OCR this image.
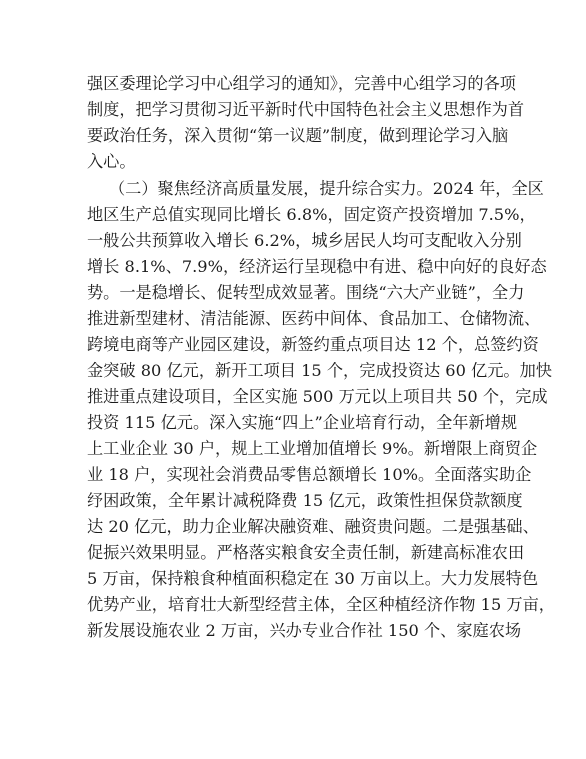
强区委理论学习中心组学习的通知》，完善中心组学习的各项
制度，把学习贯彻习近平新时代中国特色社会主义思想作为首
要政治任务，深入贯彻“第一议题”制度，做到理论学习入脑
入心。
（二）聚焦经济高质量发展，提升综合实力。2024 年，全区
地区生产总值实现同比增长 6.8%，固定资产投资增加 7.5%，
一般公共预算收入增长 6.2%，城乡居民人均可支配收入分别
增长 8.1%、7.9%，经济运行呈现稳中有进、稳中向好的良好态
势。一是稳增长、促转型成效显著。围绕“六大产业链”，全力
推进新型建材、清洁能源、医药中间体、食品加工、仓储物流、
跨境电商等产业园区建设，新签约重点项目达 12 个，总签约资
金突破 80 亿元，新开工项目 15 个，完成投资达 60 亿元。加快
推进重点建设项目，全区实施 500 万元以上项目共 50 个，完成
投资 115 亿元。深入实施“四上”企业培育行动，全年新增规
上工业企业 30 户，规上工业增加值增长 9%。新增限上商贸企
业 18 户，实现社会消费品零售总额增长 10%。全面落实助企
纾困政策，全年累计减税降费 15 亿元，政策性担保贷款额度
达 20 亿元，助力企业解决融资难、融资贵问题。二是强基础、
促振兴效果明显。严格落实粮食安全责任制，新建高标准农田
5 万亩，保持粮食种植面积稳定在 30 万亩以上。大力发展特色
优势产业，培育壮大新型经营主体，全区种植经济作物 15 万亩，
新发展设施农业 2 万亩，兴办专业合作社 150 个、家庭农场
